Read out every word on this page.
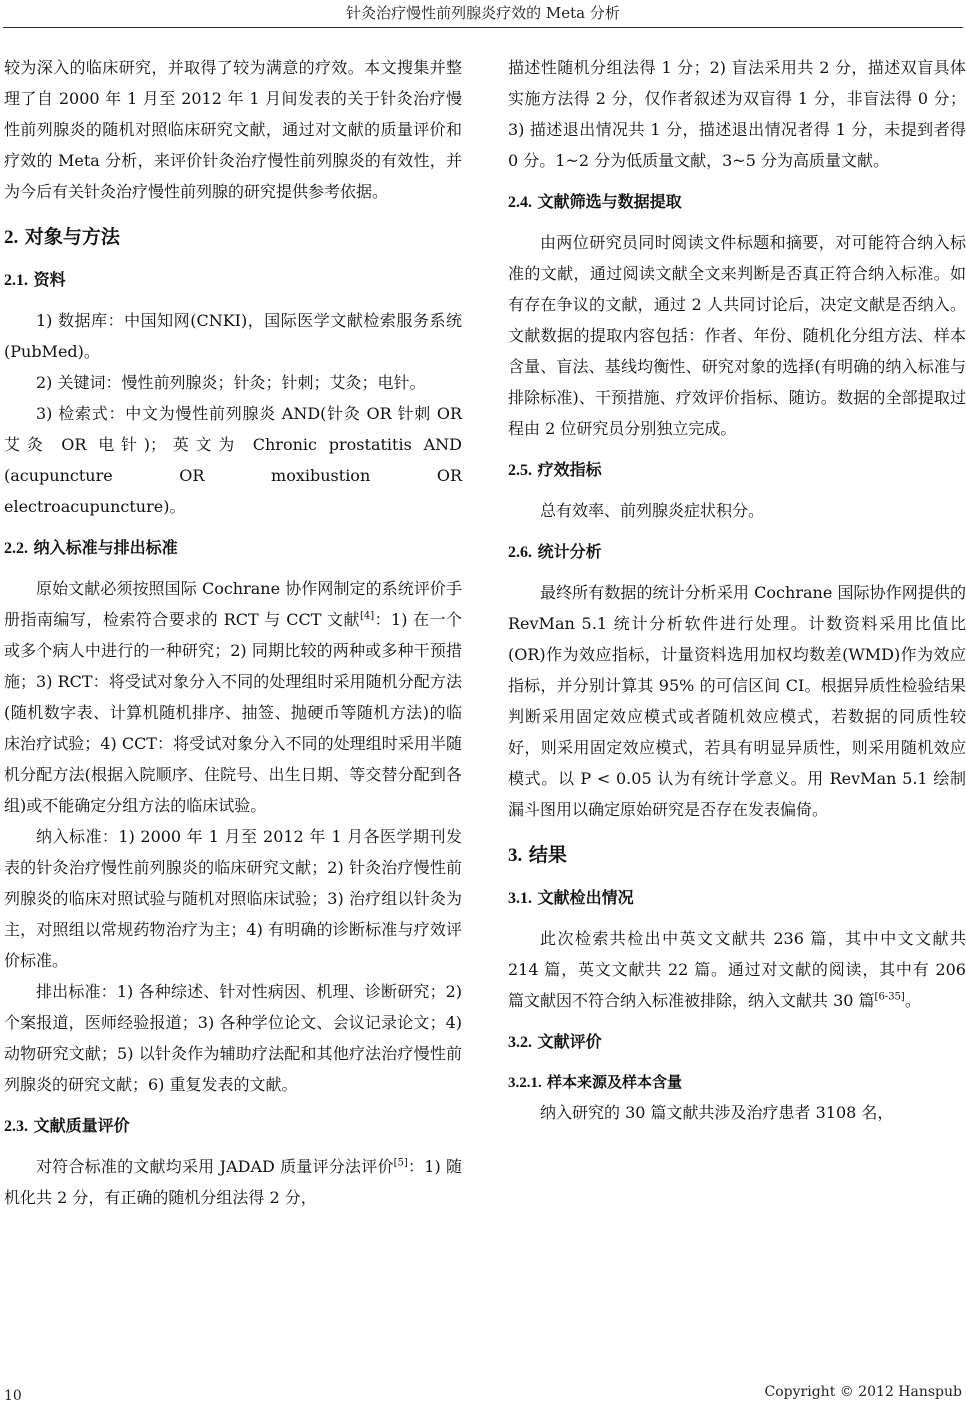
针灸治疗慢性前列腺炎疗效的 Meta 分析

较为深入的临床研究，并取得了较为满意的疗效。本文搜集并整理了自 2000 年 1 月至 2012 年 1 月间发表的关于针灸治疗慢性前列腺炎的随机对照临床研究文献，通过对文献的质量评价和疗效的 Meta 分析，来评价针灸治疗慢性前列腺炎的有效性，并为今后有关针灸治疗慢性前列腺的研究提供参考依据。

2. 对象与方法
2.1. 资料

1) 数据库：中国知网(CNKI)，国际医学文献检索服务系统(PubMed)。

2) 关键词：慢性前列腺炎；针灸；针刺；艾灸；电针。

3) 检索式：中文为慢性前列腺炎 AND(针灸 OR 针刺 OR 艾灸 OR 电针)；英文为 Chronic prostatitis AND (acupuncture OR moxibustion OR electroacupuncture)。

2.2. 纳入标准与排出标准

原始文献必须按照国际 Cochrane 协作网制定的系统评价手册指南编写，检索符合要求的 RCT 与 CCT 文献[4]：1) 在一个或多个病人中进行的一种研究；2) 同期比较的两种或多种干预措施；3) RCT：将受试对象分入不同的处理组时采用随机分配方法(随机数字表、计算机随机排序、抽签、抛硬币等随机方法)的临床治疗试验；4) CCT：将受试对象分入不同的处理组时采用半随机分配方法(根据入院顺序、住院号、出生日期、等交替分配到各组)或不能确定分组方法的临床试验。

纳入标准：1) 2000 年 1 月至 2012 年 1 月各医学期刊发表的针灸治疗慢性前列腺炎的临床研究文献；2) 针灸治疗慢性前列腺炎的临床对照试验与随机对照临床试验；3) 治疗组以针灸为主，对照组以常规药物治疗为主；4) 有明确的诊断标准与疗效评价标准。

排出标准：1) 各种综述、针对性病因、机理、诊断研究；2) 个案报道，医师经验报道；3) 各种学位论文、会议记录论文；4) 动物研究文献；5) 以针灸作为辅助疗法配和其他疗法治疗慢性前列腺炎的研究文献；6) 重复发表的文献。

2.3. 文献质量评价

对符合标准的文献均采用 JADAD 质量评分法评价[5]：1) 随机化共 2 分，有正确的随机分组法得 2 分，

描述性随机分组法得 1 分；2) 盲法采用共 2 分，描述双盲具体实施方法得 2 分，仅作者叙述为双盲得 1 分，非盲法得 0 分；3) 描述退出情况共 1 分，描述退出情况者得 1 分，未提到者得 0 分。1~2 分为低质量文献，3~5 分为高质量文献。

2.4. 文献筛选与数据提取

由两位研究员同时阅读文件标题和摘要，对可能符合纳入标准的文献，通过阅读文献全文来判断是否真正符合纳入标准。如有存在争议的文献，通过 2 人共同讨论后，决定文献是否纳入。文献数据的提取内容包括：作者、年份、随机化分组方法、样本含量、盲法、基线均衡性、研究对象的选择(有明确的纳入标准与排除标准)、干预措施、疗效评价指标、随访。数据的全部提取过程由 2 位研究员分别独立完成。

2.5. 疗效指标

总有效率、前列腺炎症状积分。

2.6. 统计分析

最终所有数据的统计分析采用 Cochrane 国际协作网提供的 RevMan 5.1 统计分析软件进行处理。计数资料采用比值比(OR)作为效应指标，计量资料选用加权均数差(WMD)作为效应指标，并分别计算其 95% 的可信区间 CI。根据异质性检验结果判断采用固定效应模式或者随机效应模式，若数据的同质性较好，则采用固定效应模式，若具有明显异质性，则采用随机效应模式。以 P < 0.05 认为有统计学意义。用 RevMan 5.1 绘制漏斗图用以确定原始研究是否存在发表偏倚。

3. 结果
3.1. 文献检出情况

此次检索共检出中英文文献共 236 篇，其中中文文献共 214 篇，英文文献共 22 篇。通过对文献的阅读，其中有 206 篇文献因不符合纳入标准被排除，纳入文献共 30 篇[6-35]。

3.2. 文献评价
3.2.1. 样本来源及样本含量

纳入研究的 30 篇文献共涉及治疗患者 3108 名，

10	Copyright © 2012 Hanspub
